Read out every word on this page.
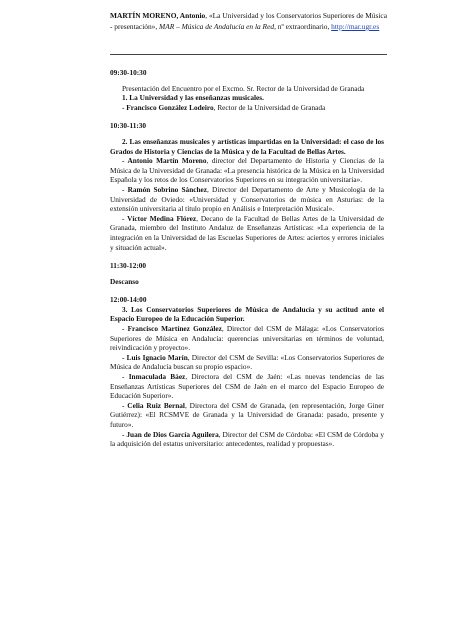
MARTÍN MORENO, Antonio, «La Universidad y los Conservatorios Superiores de Música - presentación», MAR – Música de Andalucía en la Red, nº extraordinario, http://mar.ugr.es
09:30-10:30

Presentación del Encuentro por el Excmo. Sr. Rector de la Universidad de Granada

1. La Universidad y las enseñanzas musicales.

- Francisco González Lodeiro, Rector de la Universidad de Granada

10:30-11:30

2. Las enseñanzas musicales y artísticas impartidas en la Universidad: el caso de los Grados de Historia y Ciencias de la Música y de la Facultad de Bellas Artes.

- Antonio Martín Moreno, director del Departamento de Historia y Ciencias de la Música de la Universidad de Granada: «La presencia histórica de la Música en la Universidad Española y los retos de los Conservatorios Superiores en su integración universitaria».

- Ramón Sobrino Sánchez, Director del Departamento de Arte y Musicología de la Universidad de Oviedo: «Universidad y Conservatorios de música en Asturias: de la extensión universitaria al título propio en Análisis e Interpretación Musical».

- Víctor Medina Flórez, Decano de la Facultad de Bellas Artes de la Universidad de Granada, miembro del Instituto Andaluz de Enseñanzas Artísticas: «La experiencia de la integración en la Universidad de las Escuelas Superiores de Artes: aciertos y errores iniciales y situación actual».

11:30-12:00

Descanso

12:00-14:00

3. Los Conservatorios Superiores de Música de Andalucía y su actitud ante el Espacio Europeo de la Educación Superior.

- Francisco Martínez González, Director del CSM de Málaga: «Los Conservatorios Superiores de Música en Andalucía: querencias universitarias en términos de voluntad, reivindicación y proyecto».

- Luis Ignacio Marín, Director del CSM de Sevilla: «Los Conservatorios Superiores de Música de Andalucía buscan su propio espacio».

- Inmaculada Báez, Directora del CSM de Jaén: «Las nuevas tendencias de las Enseñanzas Artísticas Superiores del CSM de Jaén en el marco del Espacio Europeo de Educación Superior».

- Celia Ruiz Bernal, Directora del CSM de Granada, (en representación, Jorge Giner Gutiérrez): «El RCSMVE de Granada y la Universidad de Granada: pasado, presente y futuro».

- Juan de Dios García Aguilera, Director del CSM de Córdoba: «El CSM de Córdoba y la adquisición del estatus universitario: antecedentes, realidad y propuestas».
